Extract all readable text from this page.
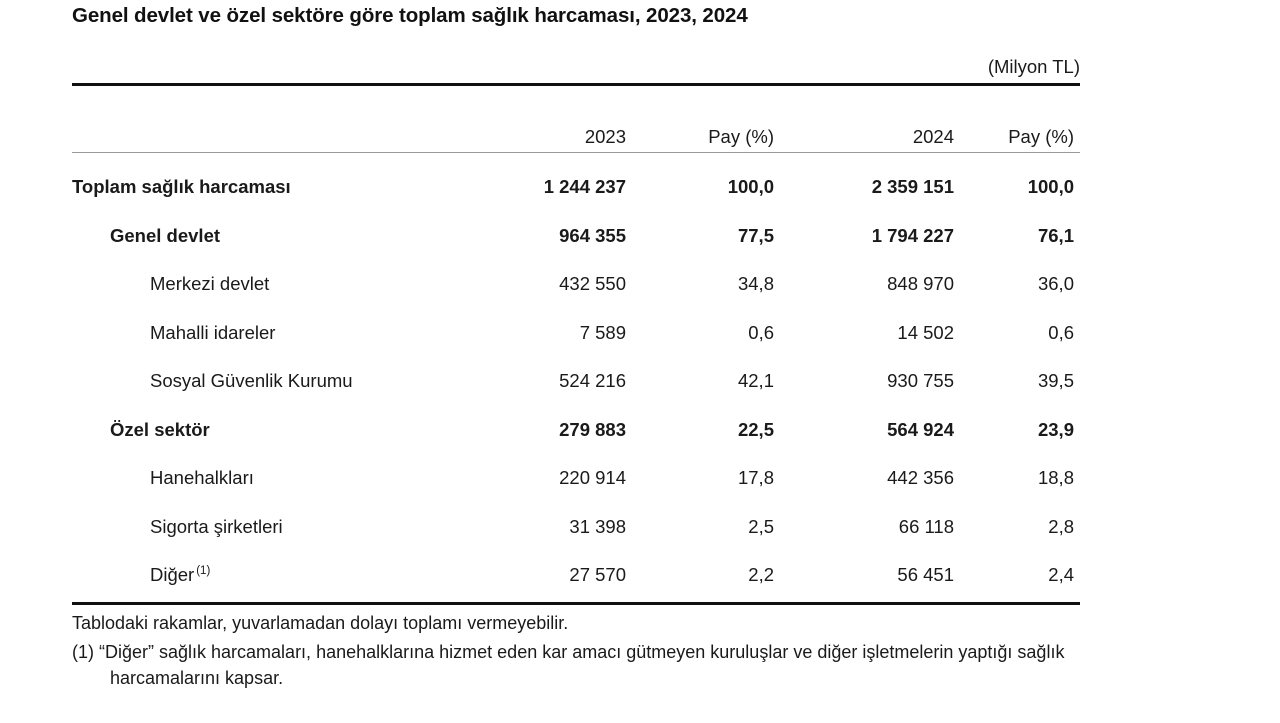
Genel devlet ve özel sektöre göre toplam sağlık harcaması, 2023, 2024
(Milyon TL)

	2023	Pay (%)	2024	Pay (%)
Toplam sağlık harcaması	1 244 237	100,0	2 359 151	100,0
Genel devlet	964 355	77,5	1 794 227	76,1
Merkezi devlet	432 550	34,8	848 970	36,0
Mahalli idareler	7 589	0,6	14 502	0,6
Sosyal Güvenlik Kurumu	524 216	42,1	930 755	39,5
Özel sektör	279 883	22,5	564 924	23,9
Hanehalkları	220 914	17,8	442 356	18,8
Sigorta şirketleri	31 398	2,5	66 118	2,8
Diğer $^{(1)}$	27 570	2,2	56 451	2,4

Tablodaki rakamlar, yuvarlamadan dolayı toplamı vermeyebilir.

(1) “Diğer” sağlık harcamaları, hanehalklarına hizmet eden kar amacı gütmeyen kuruluşlar ve diğer işletmelerin yaptığı sağlık harcamalarını kapsar.
